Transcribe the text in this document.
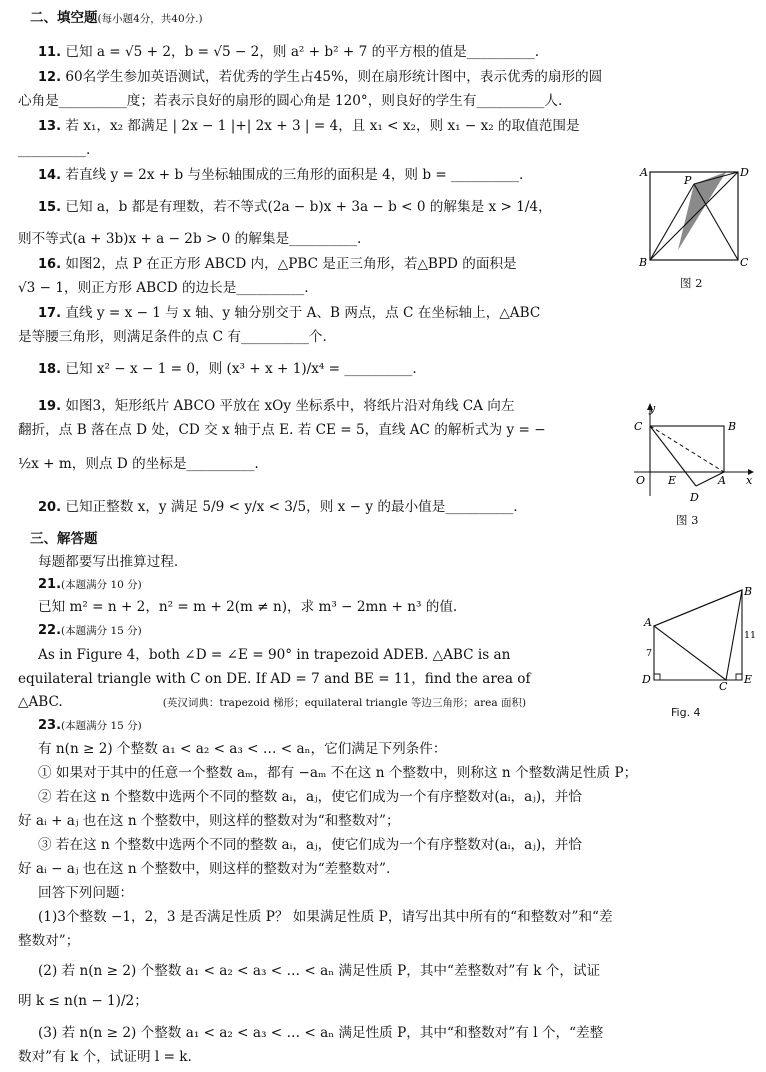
二、填空题(每小题4分，共40分.)
11. 已知 a = √5 + 2，b = √5 − 2，则 a² + b² + 7 的平方根的值是__________.
12. 60名学生参加英语测试，若优秀的学生占45%，则在扇形统计图中，表示优秀的扇形的圆
心角是__________度；若表示良好的扇形的圆心角是 120°，则良好的学生有__________人.
13. 若 x₁，x₂ 都满足 | 2x − 1 |+| 2x + 3 | = 4，且 x₁ < x₂，则 x₁ − x₂ 的取值范围是
__________.
14. 若直线 y = 2x + b 与坐标轴围成的三角形的面积是 4，则 b = __________.
15. 已知 a，b 都是有理数，若不等式(2a − b)x + 3a − b < 0 的解集是 x > 1/4，
则不等式(a + 3b)x + a − 2b > 0 的解集是__________.
16. 如图2，点 P 在正方形 ABCD 内，△PBC 是正三角形，若△BPD 的面积是
√3 − 1，则正方形 ABCD 的边长是__________.
17. 直线 y = x − 1 与 x 轴、y 轴分别交于 A、B 两点，点 C 在坐标轴上，△ABC
是等腰三角形，则满足条件的点 C 有__________个.
18. 已知 x² − x − 1 = 0，则 (x³ + x + 1)/x⁴ = __________.
19. 如图3，矩形纸片 ABCO 平放在 xOy 坐标系中，将纸片沿对角线 CA 向左
翻折，点 B 落在点 D 处，CD 交 x 轴于点 E. 若 CE = 5，直线 AC 的解析式为 y = −
½x + m，则点 D 的坐标是__________.
20. 已知正整数 x，y 满足 5/9 < y/x < 3/5，则 x − y 的最小值是__________.
三、解答题
每题都要写出推算过程.
21.(本题满分 10 分)
已知 m² = n + 2，n² = m + 2(m ≠ n)，求 m³ − 2mn + n³ 的值.
22.(本题满分 15 分)
As in Figure 4，both ∠D = ∠E = 90° in trapezoid ADEB. △ABC is an
equilateral triangle with C on DE. If AD = 7 and BE = 11，find the area of
△ABC.	(英汉词典：trapezoid 梯形；equilateral triangle 等边三角形；area 面积)
23.(本题满分 15 分)
有 n(n ≥ 2) 个整数 a₁ < a₂ < a₃ < … < aₙ，它们满足下列条件：
① 如果对于其中的任意一个整数 aₘ，都有 −aₘ 不在这 n 个整数中，则称这 n 个整数满足性质 P；
② 若在这 n 个整数中选两个不同的整数 aᵢ，aⱼ，使它们成为一个有序整数对(aᵢ，aⱼ)，并恰
好 aᵢ + aⱼ 也在这 n 个整数中，则这样的整数对为“和整数对”；
③ 若在这 n 个整数中选两个不同的整数 aᵢ，aⱼ，使它们成为一个有序整数对(aᵢ，aⱼ)，并恰
好 aᵢ − aⱼ 也在这 n 个整数中，则这样的整数对为“差整数对”.
回答下列问题：
(1)3个整数 −1，2，3 是否满足性质 P？ 如果满足性质 P，请写出其中所有的“和整数对”和“差
整数对”；
(2) 若 n(n ≥ 2) 个整数 a₁ < a₂ < a₃ < … < aₙ 满足性质 P，其中“差整数对”有 k 个，试证
明 k ≤ n(n − 1)/2；
(3) 若 n(n ≥ 2) 个整数 a₁ < a₂ < a₃ < … < aₙ 满足性质 P，其中“和整数对”有 l 个，“差整
数对”有 k 个，试证明 l = k.
A	D
P
B	C
图 2
y
x
C	B
O E	A
D
图 3
A
B
C
D	E
7
11
Fig. 4
